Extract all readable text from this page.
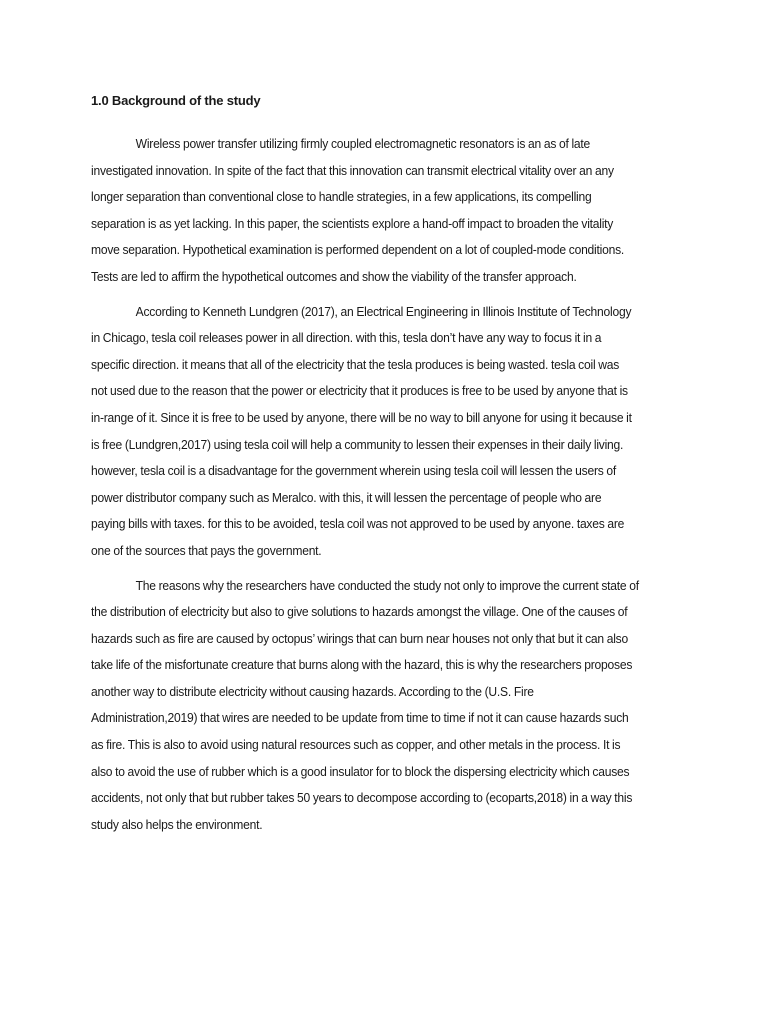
1.0 Background of the study
Wireless power transfer utilizing firmly coupled electromagnetic resonators is an as of late
investigated innovation. In spite of the fact that this innovation can transmit electrical vitality over an any
longer separation than conventional close to handle strategies, in a few applications, its compelling
separation is as yet lacking. In this paper, the scientists explore a hand-off impact to broaden the vitality
move separation. Hypothetical examination is performed dependent on a lot of coupled-mode conditions.
Tests are led to affirm the hypothetical outcomes and show the viability of the transfer approach.
According to Kenneth Lundgren (2017), an Electrical Engineering in Illinois Institute of Technology
in Chicago, tesla coil releases power in all direction. with this, tesla don’t have any way to focus it in a
specific direction. it means that all of the electricity that the tesla produces is being wasted. tesla coil was
not used due to the reason that the power or electricity that it produces is free to be used by anyone that is
in-range of it. Since it is free to be used by anyone, there will be no way to bill anyone for using it because it
is free (Lundgren,2017) using tesla coil will help a community to lessen their expenses in their daily living.
however, tesla coil is a disadvantage for the government wherein using tesla coil will lessen the users of
power distributor company such as Meralco. with this, it will lessen the percentage of people who are
paying bills with taxes. for this to be avoided, tesla coil was not approved to be used by anyone. taxes are
one of the sources that pays the government.
The reasons why the researchers have conducted the study not only to improve the current state of
the distribution of electricity but also to give solutions to hazards amongst the village. One of the causes of
hazards such as fire are caused by octopus’ wirings that can burn near houses not only that but it can also
take life of the misfortunate creature that burns along with the hazard, this is why the researchers proposes
another way to distribute electricity without causing hazards. According to the (U.S. Fire
Administration,2019) that wires are needed to be update from time to time if not it can cause hazards such
as fire. This is also to avoid using natural resources such as copper, and other metals in the process. It is
also to avoid the use of rubber which is a good insulator for to block the dispersing electricity which causes
accidents, not only that but rubber takes 50 years to decompose according to (ecoparts,2018) in a way this
study also helps the environment.
